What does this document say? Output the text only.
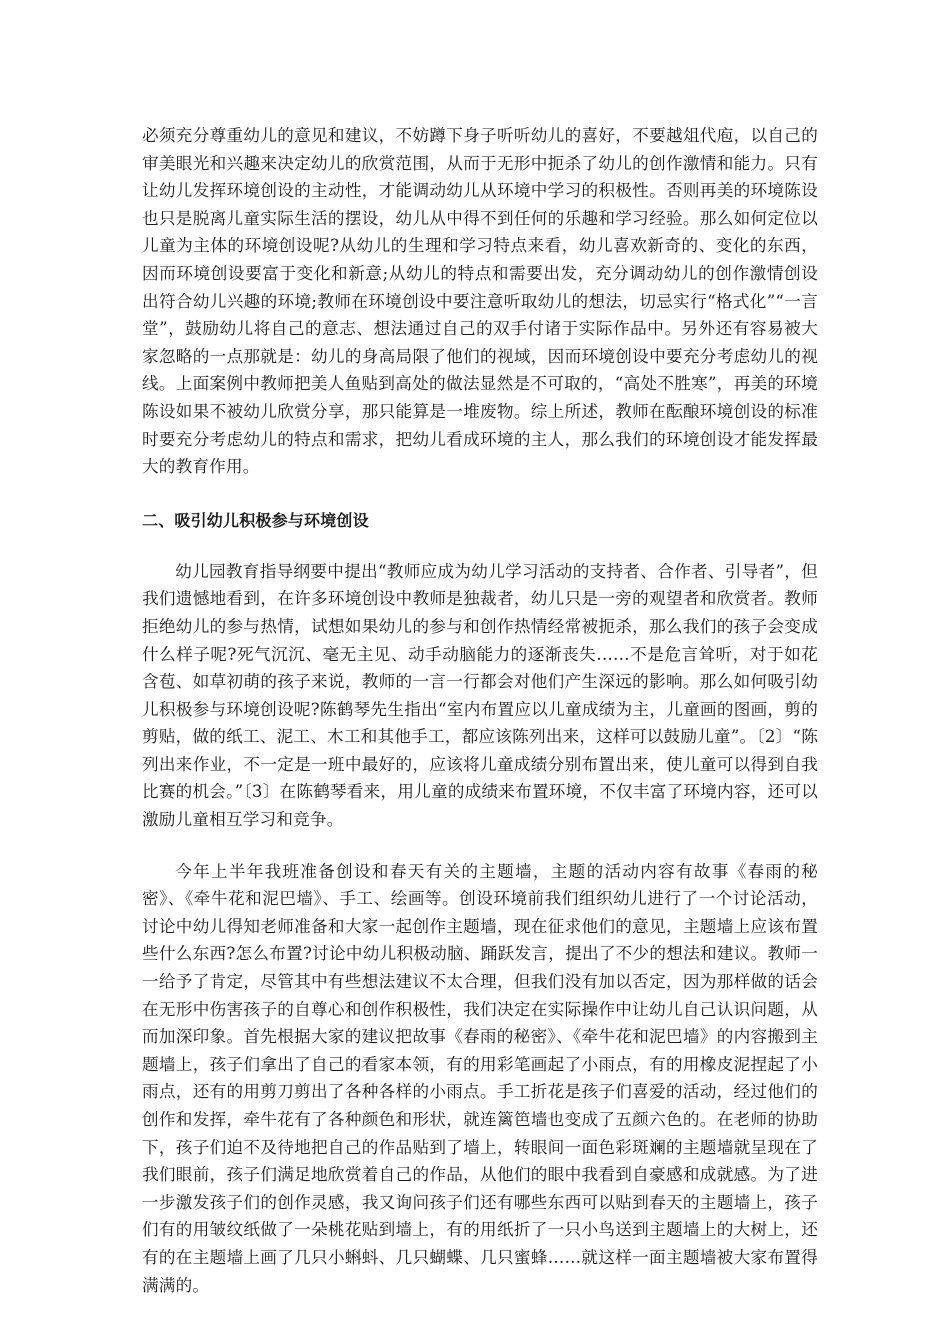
必须充分尊重幼儿的意见和建议，不妨蹲下身子听听幼儿的喜好，不要越俎代庖，以自己的审美眼光和兴趣来决定幼儿的欣赏范围，从而于无形中扼杀了幼儿的创作激情和能力。只有让幼儿发挥环境创设的主动性，才能调动幼儿从环境中学习的积极性。否则再美的环境陈设也只是脱离儿童实际生活的摆设，幼儿从中得不到任何的乐趣和学习经验。那么如何定位以儿童为主体的环境创设呢?从幼儿的生理和学习特点来看，幼儿喜欢新奇的、变化的东西，因而环境创设要富于变化和新意;从幼儿的特点和需要出发，充分调动幼儿的创作激情创设出符合幼儿兴趣的环境;教师在环境创设中要注意听取幼儿的想法，切忌实行“格式化”“一言堂”，鼓励幼儿将自己的意志、想法通过自己的双手付诸于实际作品中。另外还有容易被大家忽略的一点那就是：幼儿的身高局限了他们的视域，因而环境创设中要充分考虑幼儿的视线。上面案例中教师把美人鱼贴到高处的做法显然是不可取的，“高处不胜寒”，再美的环境陈设如果不被幼儿欣赏分享，那只能算是一堆废物。综上所述，教师在酝酿环境创设的标准时要充分考虑幼儿的特点和需求，把幼儿看成环境的主人，那么我们的环境创设才能发挥最大的教育作用。

二、吸引幼儿积极参与环境创设

幼儿园教育指导纲要中提出“教师应成为幼儿学习活动的支持者、合作者、引导者”，但我们遗憾地看到，在许多环境创设中教师是独裁者，幼儿只是一旁的观望者和欣赏者。教师拒绝幼儿的参与热情，试想如果幼儿的参与和创作热情经常被扼杀，那么我们的孩子会变成什么样子呢?死气沉沉、毫无主见、动手动脑能力的逐渐丧失……不是危言耸听，对于如花含苞、如草初萌的孩子来说，教师的一言一行都会对他们产生深远的影响。那么如何吸引幼儿积极参与环境创设呢?陈鹤琴先生指出“室内布置应以儿童成绩为主，儿童画的图画，剪的剪贴，做的纸工、泥工、木工和其他手工，都应该陈列出来，这样可以鼓励儿童”。〔2〕“陈列出来作业，不一定是一班中最好的，应该将儿童成绩分别布置出来，使儿童可以得到自我比赛的机会。”〔3〕在陈鹤琴看来，用儿童的成绩来布置环境，不仅丰富了环境内容，还可以激励儿童相互学习和竞争。

今年上半年我班准备创设和春天有关的主题墙，主题的活动内容有故事《春雨的秘密》、《牵牛花和泥巴墙》、手工、绘画等。创设环境前我们组织幼儿进行了一个讨论活动，讨论中幼儿得知老师准备和大家一起创作主题墙，现在征求他们的意见，主题墙上应该布置些什么东西?怎么布置?讨论中幼儿积极动脑、踊跃发言，提出了不少的想法和建议。教师一一给予了肯定，尽管其中有些想法建议不太合理，但我们没有加以否定，因为那样做的话会在无形中伤害孩子的自尊心和创作积极性，我们决定在实际操作中让幼儿自己认识问题，从而加深印象。首先根据大家的建议把故事《春雨的秘密》、《牵牛花和泥巴墙》的内容搬到主题墙上，孩子们拿出了自己的看家本领，有的用彩笔画起了小雨点，有的用橡皮泥捏起了小雨点，还有的用剪刀剪出了各种各样的小雨点。手工折花是孩子们喜爱的活动，经过他们的创作和发挥，牵牛花有了各种颜色和形状，就连篱笆墙也变成了五颜六色的。在老师的协助下，孩子们迫不及待地把自己的作品贴到了墙上，转眼间一面色彩斑斓的主题墙就呈现在了我们眼前，孩子们满足地欣赏着自己的作品，从他们的眼中我看到自豪感和成就感。为了进一步激发孩子们的创作灵感，我又询问孩子们还有哪些东西可以贴到春天的主题墙上，孩子们有的用皱纹纸做了一朵桃花贴到墙上，有的用纸折了一只小鸟送到主题墙上的大树上，还有的在主题墙上画了几只小蝌蚪、几只蝴蝶、几只蜜蜂……就这样一面主题墙被大家布置得满满的。
